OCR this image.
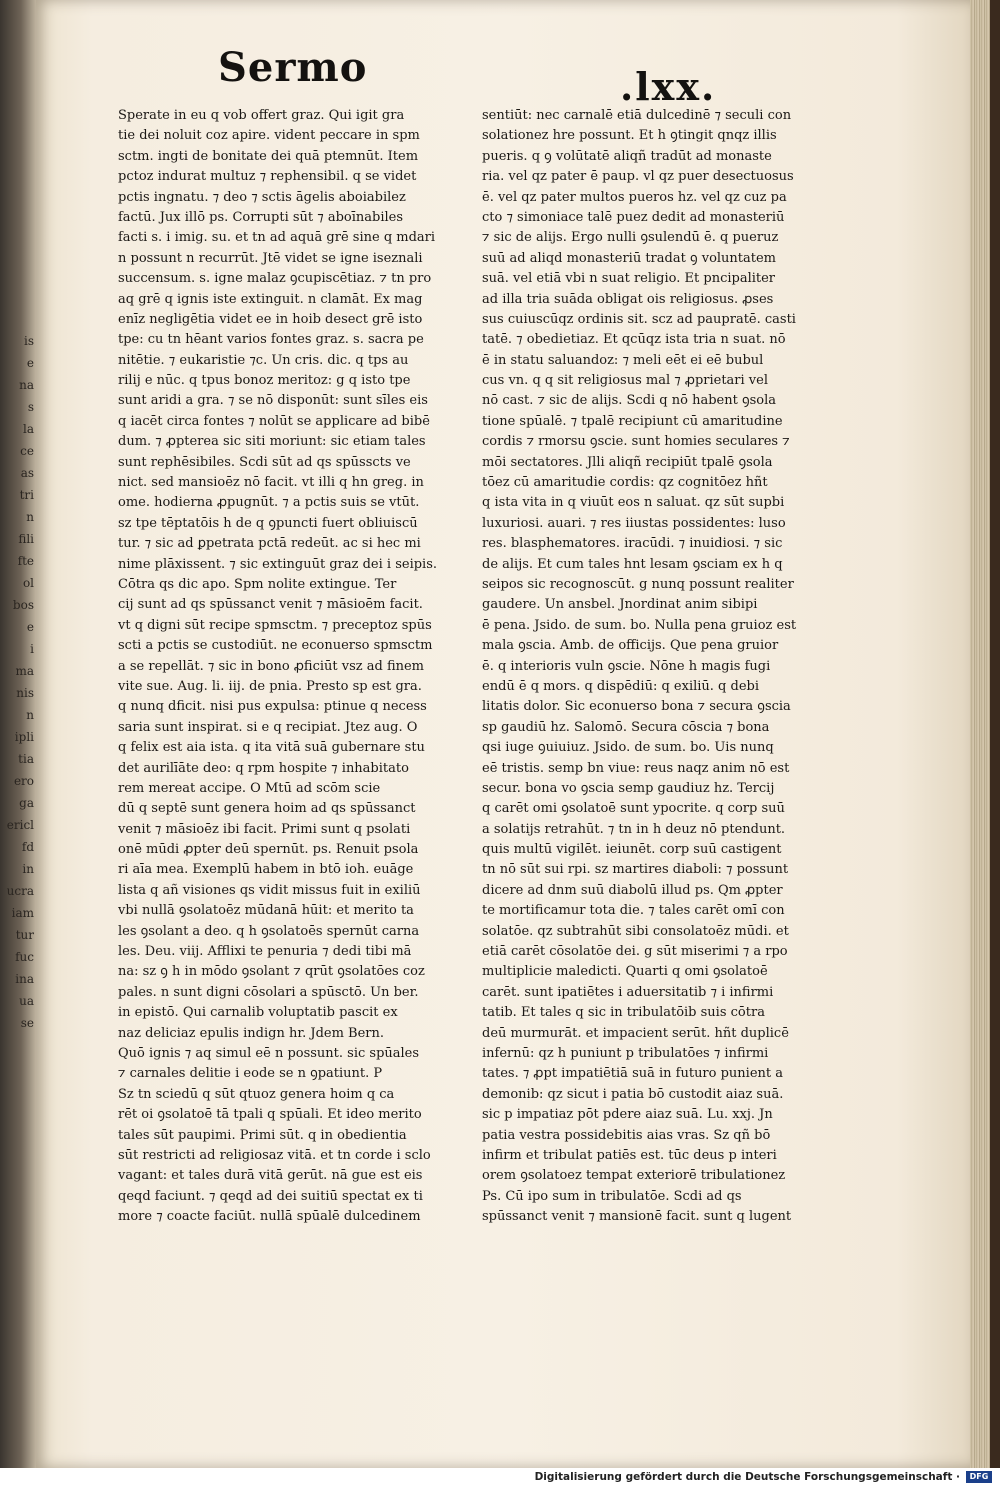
is
e
na
s
la
ce
as
tri
n
fili
fte
ol
bos
e
i
ma
nis
n
ipli
tia
ero
ga
ericl
fd
in
ucra
iam
tur
fuc
ina
ua
se
Sermo	.lxx.
Sperate in eu q vob offert graz. Qui igit gra
tie dei noluit coz apire. vident peccare in spm
sctm. ingti de bonitate dei quā ptemnūt. Item
pctoz indurat multuz ⁊ rephensibil. q se videt
pctis ingnatu. ⁊ deo ⁊ sctis āgelis aboiabilez
factū. Jux illō ps. Corrupti sūt ⁊ aboīnabiles
facti s. i imig. su. et tn ad aquā grē sine q mdari
n possunt n recurrūt. Jtē videt se igne iseznali
succensum. s. igne malaz ꝯcupiscētiaz. ⁊ tn pro
aq grē q ignis iste extinguit. n clamāt. Ex mag
enīz negligētia videt ee in hoib desect grē isto
tpe: cu tn hēant varios fontes graz. s. sacra pe
nitētie. ⁊ eukaristie ⁊c. Un cris. dic. q tps au
rilij e nūc. q tpus bonoz meritoz: g q isto tpe
sunt aridi a gra. ⁊ se nō disponūt: sunt sīles eis
q iacēt circa fontes ⁊ nolūt se applicare ad bibē
dum. ⁊ ꝓpterea sic siti moriunt: sic etiam tales
sunt rephēsibiles. Scdi sūt ad qs spūsscts ve
nict. sed mansioēz nō facit. vt illi q hn greg. in
ome. hodierna ꝓpugnūt. ⁊ a pctis suis se vtūt.
sz tpe tēptatōis h de q ꝯpuncti fuert obliuiscū
tur. ⁊ sic ad ꝑpetrata pctā redeūt. ac si hec mi
nime plāxissent. ⁊ sic extinguūt graz dei i seipis.
Cōtra qs dic apo. Spm nolite extingue. Ter
cij sunt ad qs spūssanct venit ⁊ māsioēm facit.
vt q digni sūt recipe spmsctm. ⁊ preceptoz spūs
scti a pctis se custodiūt. ne econuerso spmsctm
a se repellāt. ⁊ sic in bono ꝓficiūt vsz ad finem
vite sue. Aug. li. iij. de pnia. Presto sp est gra.
q nunq dficit. nisi pus expulsa: ptinue q necess
saria sunt inspirat. si e q recipiat. Jtez aug. O
q felix est aia ista. q ita vitā suā gubernare stu
det aurilīāte deo: q rpm hospite ⁊ inhabitato
rem mereat accipe. O Mtū ad scōm scie
dū q septē sunt genera hoim ad qs spūssanct
venit ⁊ māsioēz ibi facit. Primi sunt q psolati
onē mūdi ꝓpter deū spernūt. ps. Renuit psola
ri aīa mea. Exemplū habem in btō ioh. euāge
lista q añ visiones qs vidit missus fuit in exiliū
vbi nullā ꝯsolatoēz mūdanā hūit: et merito ta
les ꝯsolant a deo. q h ꝯsolatoēs spernūt carna
les. Deu. viij. Afflixi te penuria ⁊ dedi tibi mā
na: sz ꝯ h in mōdo ꝯsolant ⁊ qrūt ꝯsolatōes coz
pales. n sunt digni cōsolari a spūsctō. Un ber.
in epistō. Qui carnalib voluptatib pascit ex
naz deliciaz epulis indign hr. Jdem Bern.
Quō ignis ⁊ aq simul eē n possunt. sic spūales
⁊ carnales delitie i eode se n ꝯpatiunt. P
Sz tn sciedū q sūt qtuoz genera hoim q ca
rēt oi ꝯsolatoē tā tpali q spūali. Et ideo merito
tales sūt paupimi. Primi sūt. q in obedientia
sūt restricti ad religiosaz vitā. et tn corde i sclo
vagant: et tales durā vitā gerūt. nā gue est eis
qeqd faciunt. ⁊ qeqd ad dei suitiū spectat ex ti
more ⁊ coacte faciūt. nullā spūalē dulcedinem
sentiūt: nec carnalē etiā dulcedinē ⁊ seculi con
solationez hre possunt. Et h ꝯtingit qnqz illis
pueris. q ꝯ volūtatē aliqñ tradūt ad monaste
ria. vel qz pater ē paup. vl qz puer desectuosus
ē. vel qz pater multos pueros hz. vel qz cuz pa
cto ⁊ simoniace talē puez dedit ad monasteriū
⁊ sic de alijs. Ergo nulli ꝯsulendū ē. q pueruz
suū ad aliqd monasteriū tradat ꝯ voluntatem
suā. vel etiā vbi n suat religio. Et pncipaliter
ad illa tria suāda obligat ois religiosus. ꝓses
sus cuiuscūqz ordinis sit. scz ad paupratē. casti
tatē. ⁊ obedietiaz. Et qcūqz ista tria n suat. nō
ē in statu saluandoz: ⁊ meli eēt ei eē bubul
cus vn. q q sit religiosus mal ⁊ ꝓprietari vel
nō cast. ⁊ sic de alijs. Scdi q nō habent ꝯsola
tione spūalē. ⁊ tpalē recipiunt cū amaritudine
cordis ⁊ rmorsu ꝯscie. sunt homies seculares ⁊
mōi sectatores. Jlli aliqñ recipiūt tpalē ꝯsola
tōez cū amaritudie cordis: qz cognitōez hñt
q ista vita in q viuūt eos n saluat. qz sūt supbi
luxuriosi. auari. ⁊ res iiustas possidentes: luso
res. blasphematores. iracūdi. ⁊ inuidiosi. ⁊ sic
de alijs. Et cum tales hnt lesam ꝯsciam ex h q
seipos sic recognoscūt. g nunq possunt realiter
gaudere. Un ansbel. Jnordinat anim sibipi
ē pena. Jsido. de sum. bo. Nulla pena gruioz est
mala ꝯscia. Amb. de officijs. Que pena gruior
ē. q interioris vuln ꝯscie. Nōne h magis fugi
endū ē q mors. q dispēdiū: q exiliū. q debi
litatis dolor. Sic econuerso bona ⁊ secura ꝯscia
sp gaudiū hz. Salomō. Secura cōscia ⁊ bona
qsi iuge ꝯuiuiuz. Jsido. de sum. bo. Uis nunq
eē tristis. semp bn viue: reus naqz anim nō est
secur. bona vo ꝯscia semp gaudiuz hz. Tercij
q carēt omi ꝯsolatoē sunt ypocrite. q corp suū
a solatijs retrahūt. ⁊ tn in h deuz nō ptendunt.
quis multū vigilēt. ieiunēt. corp suū castigent
tn nō sūt sui rpi. sz martires diaboli: ⁊ possunt
dicere ad dnm suū diabolū illud ps. Qm ꝓpter
te mortificamur tota die. ⁊ tales carēt omī con
solatōe. qz subtrahūt sibi consolatoēz mūdi. et
etiā carēt cōsolatōe dei. g sūt miserimi ⁊ a rpo
multiplicie maledicti. Quarti q omi ꝯsolatoē
carēt. sunt ipatiētes i aduersitatib ⁊ i infirmi
tatib. Et tales q sic in tribulatōib suis cōtra
deū murmurāt. et impacient serūt. hñt duplicē
infernū: qz h puniunt p tribulatōes ⁊ infirmi
tates. ⁊ ꝓpt impatiētiā suā in futuro punient a
demonib: qz sicut i patia bō custodit aiaz suā.
sic p impatiaz pōt pdere aiaz suā. Lu. xxj. Jn
patia vestra possidebitis aias vras. Sz qñ bō
infirm et tribulat patiēs est. tūc deus p interi
orem ꝯsolatoez tempat exteriorē tribulationez
Ps. Cū ipo sum in tribulatōe. Scdi ad qs
spūssanct venit ⁊ mansionē facit. sunt q lugent
Digitalisierung gefördert durch die Deutsche Forschungsgemeinschaft ·	DFG
